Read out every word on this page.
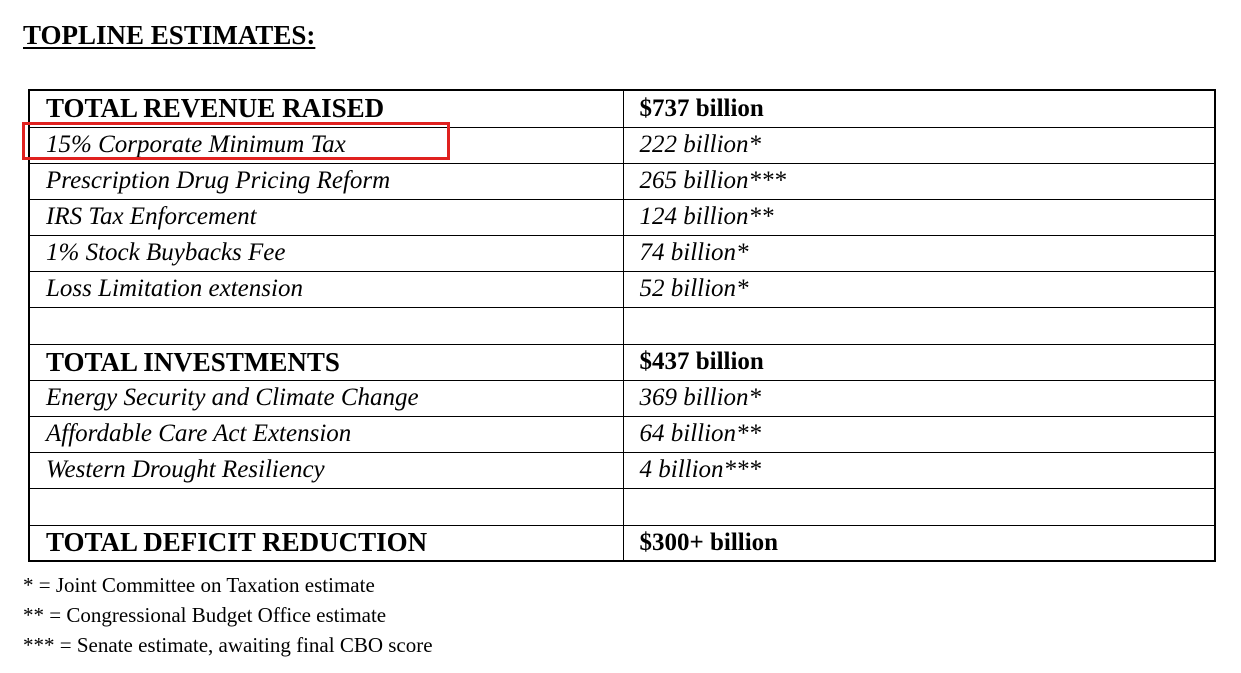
TOPLINE ESTIMATES:
TOTAL REVENUE RAISED	$737 billion
15% Corporate Minimum Tax	222 billion*
Prescription Drug Pricing Reform	265 billion***
IRS Tax Enforcement	124 billion**
1% Stock Buybacks Fee	74 billion*
Loss Limitation extension	52 billion*

TOTAL INVESTMENTS	$437 billion
Energy Security and Climate Change	369 billion*
Affordable Care Act Extension	64 billion**
Western Drought Resiliency	4 billion***

TOTAL DEFICIT REDUCTION	$300+ billion
* = Joint Committee on Taxation estimate
** = Congressional Budget Office estimate
*** = Senate estimate, awaiting final CBO score
